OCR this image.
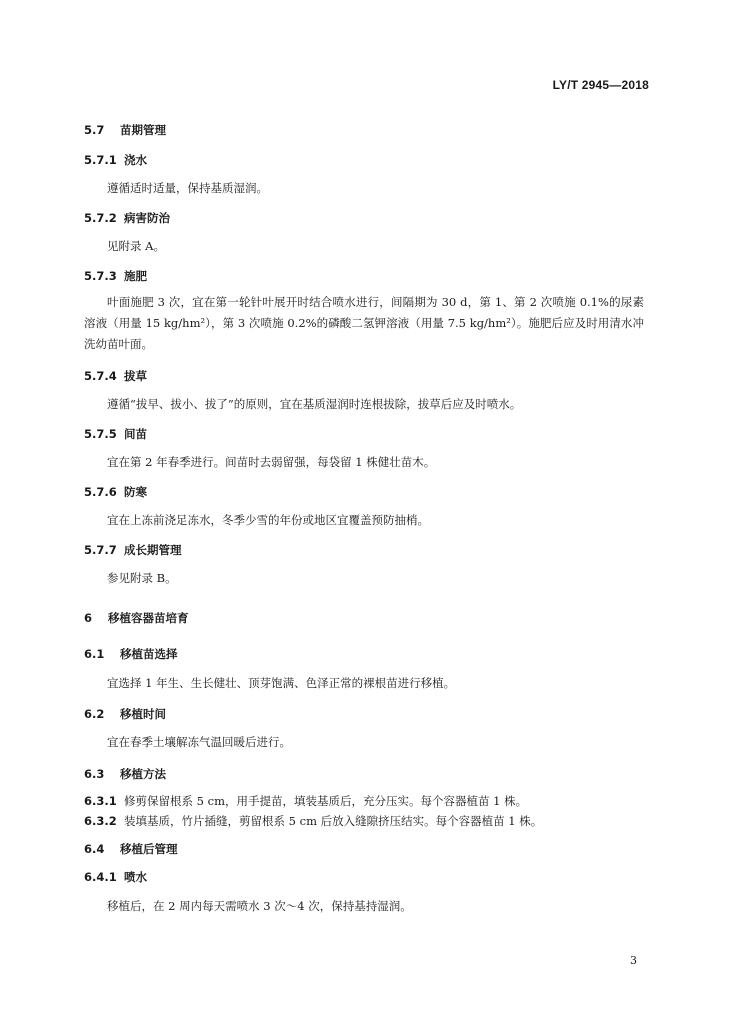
LY/T 2945—2018
5.7 苗期管理
5.7.1 浇水
遵循适时适量，保持基质湿润。
5.7.2 病害防治
见附录 A。
5.7.3 施肥
叶面施肥 3 次，宜在第一轮针叶展开时结合喷水进行，间隔期为 30 d，第 1、第 2 次喷施 0.1%的尿素溶液（用量 15 kg/hm²），第 3 次喷施 0.2%的磷酸二氢钾溶液（用量 7.5 kg/hm²）。施肥后应及时用清水冲洗幼苗叶面。
5.7.4 拔草
遵循“拔早、拔小、拔了”的原则，宜在基质湿润时连根拔除，拔草后应及时喷水。
5.7.5 间苗
宜在第 2 年春季进行。间苗时去弱留强，每袋留 1 株健壮苗木。
5.7.6 防寒
宜在上冻前浇足冻水，冬季少雪的年份或地区宜覆盖预防抽梢。
5.7.7 成长期管理
参见附录 B。
6 移植容器苗培育
6.1 移植苗选择
宜选择 1 年生、生长健壮、顶芽饱满、色泽正常的裸根苗进行移植。
6.2 移植时间
宜在春季土壤解冻气温回暖后进行。
6.3 移植方法
6.3.1 修剪保留根系 5 cm，用手提苗，填装基质后，充分压实。每个容器植苗 1 株。
6.3.2 装填基质，竹片插缝，剪留根系 5 cm 后放入缝隙挤压结实。每个容器植苗 1 株。
6.4 移植后管理
6.4.1 喷水
移植后，在 2 周内每天需喷水 3 次～4 次，保持基持湿润。
3
